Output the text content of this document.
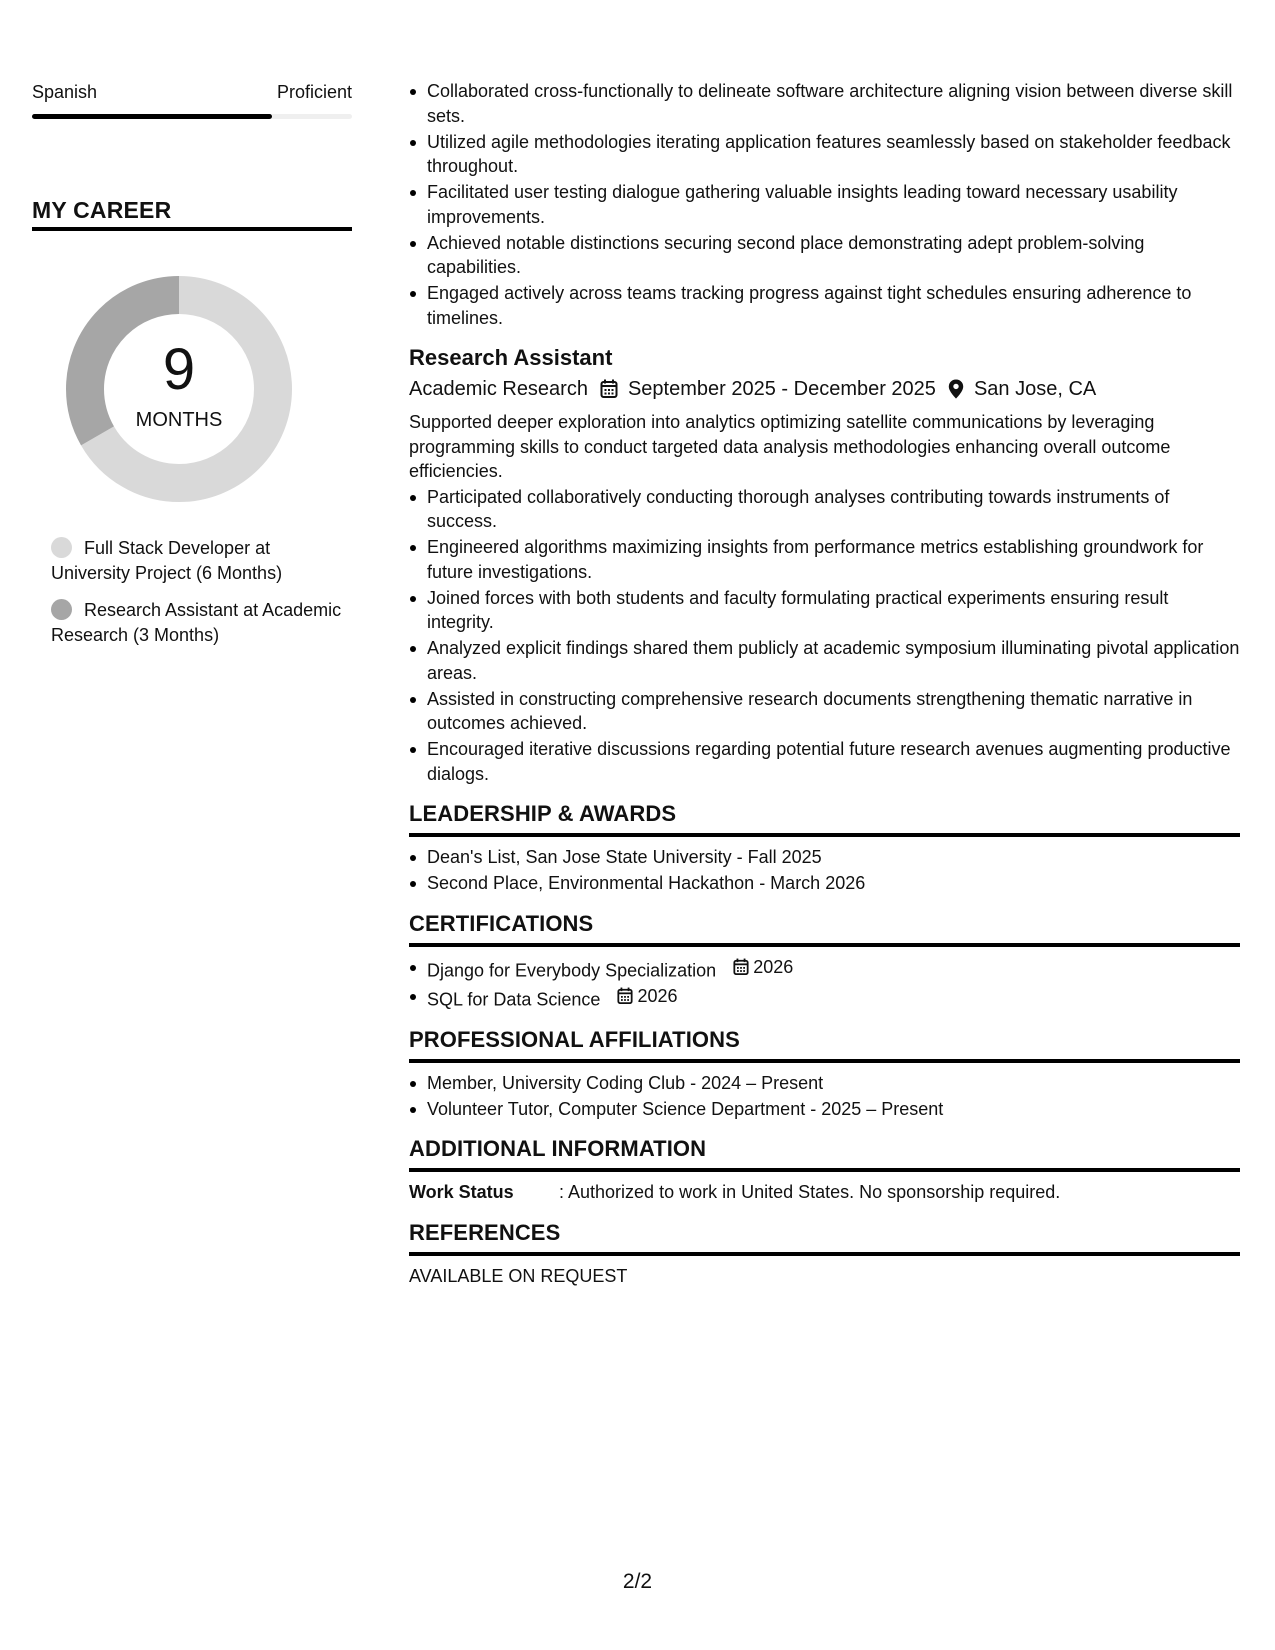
Spanish	Proficient
MY CAREER
9
MONTHS
Full Stack Developer at University Project (6 Months)
Research Assistant at Academic Research (3 Months)
Collaborated cross-functionally to delineate software architecture aligning vision between diverse skill sets.
Utilized agile methodologies iterating application features seamlessly based on stakeholder feedback throughout.
Facilitated user testing dialogue gathering valuable insights leading toward necessary usability improvements.
Achieved notable distinctions securing second place demonstrating adept problem-solving capabilities.
Engaged actively across teams tracking progress against tight schedules ensuring adherence to timelines.
Research Assistant
Academic Research September 2025 - December 2025 San Jose, CA
Supported deeper exploration into analytics optimizing satellite communications by leveraging programming skills to conduct targeted data analysis methodologies enhancing overall outcome efficiencies.
Participated collaboratively conducting thorough analyses contributing towards instruments of success.
Engineered algorithms maximizing insights from performance metrics establishing groundwork for future investigations.
Joined forces with both students and faculty formulating practical experiments ensuring result integrity.
Analyzed explicit findings shared them publicly at academic symposium illuminating pivotal application areas.
Assisted in constructing comprehensive research documents strengthening thematic narrative in outcomes achieved.
Encouraged iterative discussions regarding potential future research avenues augmenting productive dialogs.
LEADERSHIP & AWARDS
Dean's List, San Jose State University - Fall 2025
Second Place, Environmental Hackathon - March 2026
CERTIFICATIONS
Django for Everybody Specialization 2026
SQL for Data Science 2026
PROFESSIONAL AFFILIATIONS
Member, University Coding Club - 2024 – Present
Volunteer Tutor, Computer Science Department - 2025 – Present
ADDITIONAL INFORMATION
Work Status	: Authorized to work in United States. No sponsorship required.
REFERENCES
AVAILABLE ON REQUEST
2/2
